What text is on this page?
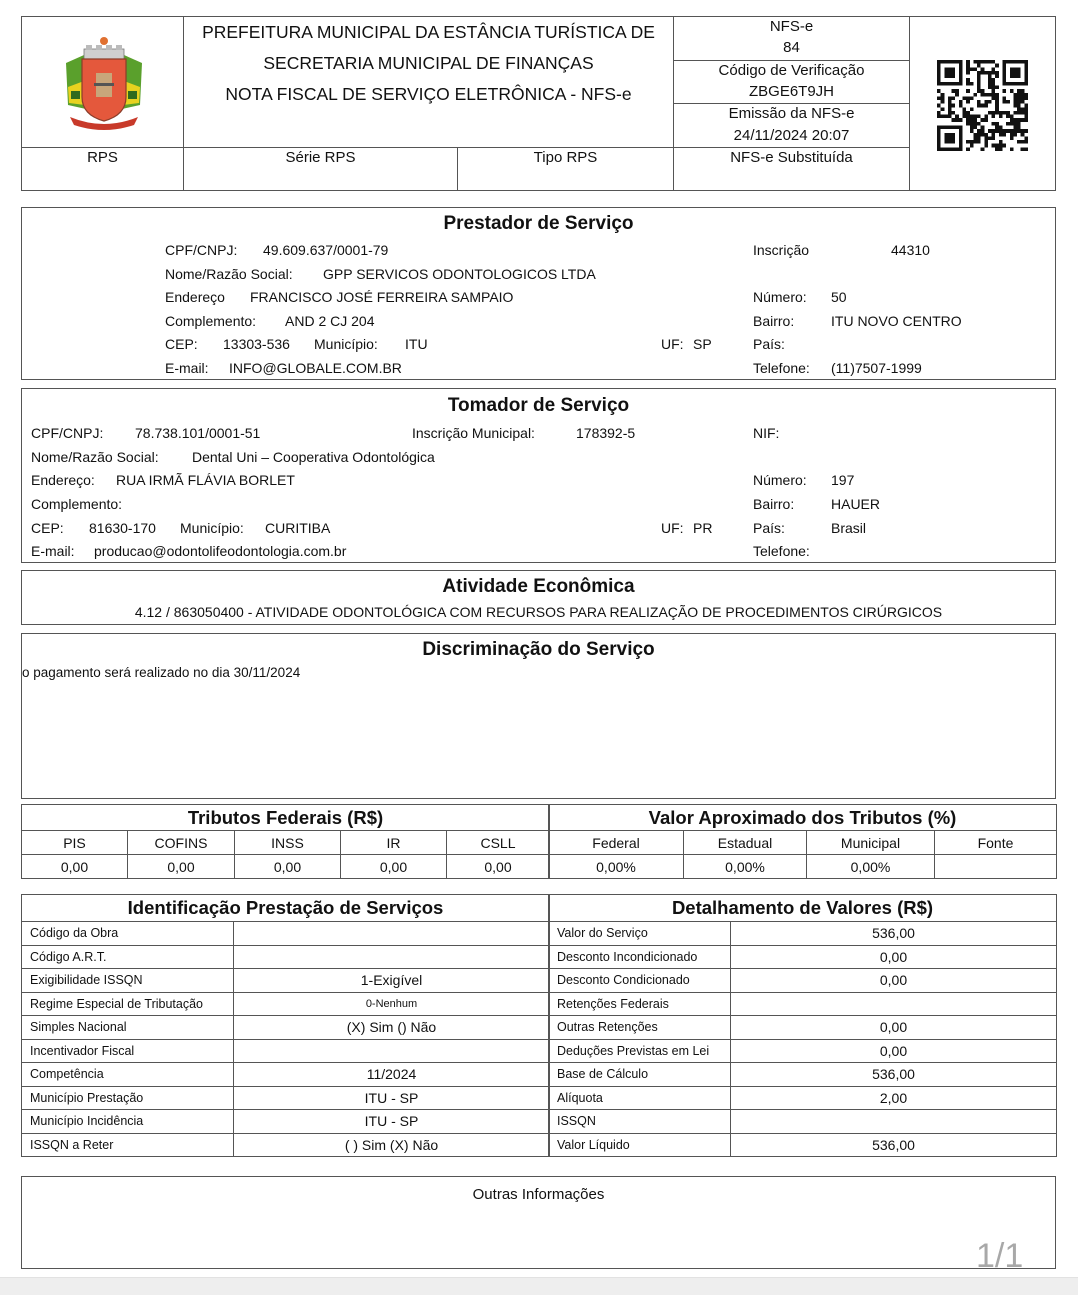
PREFEITURA MUNICIPAL DA ESTÂNCIA TURÍSTICA DE
SECRETARIA MUNICIPAL DE FINANÇAS
NOTA FISCAL DE SERVIÇO ELETRÔNICA - NFS-e
NFS-e
84
Código de Verificação
ZBGE6T9JH
Emissão da NFS-e
24/11/2024 20:07
RPS	Série RPS	Tipo RPS	NFS-e Substituída
Prestador de Serviço
CPF/CNPJ: 49.609.637/0001-79	Inscrição	44310
Nome/Razão Social: GPP SERVICOS ODONTOLOGICOS LTDA
Endereço FRANCISCO JOSÉ FERREIRA SAMPAIO	Número: 50
Complemento: AND 2 CJ 204	Bairro:	ITU NOVO CENTRO
CEP: 13303-536 Município: ITU	UF: SP	País:
E-mail: INFO@GLOBALE.COM.BR	Telefone: (11)7507-1999
Tomador de Serviço
CPF/CNPJ: 78.738.101/0001-51	Inscrição Municipal:	178392-5	NIF:
Nome/Razão Social: Dental Uni – Cooperativa Odontológica
Endereço: RUA IRMÃ FLÁVIA BORLET	Número: 197
Complemento:	Bairro:	HAUER
CEP: 81630-170 Município: CURITIBA	UF: PR	País:	Brasil
E-mail: producao@odontolifeodontologia.com.br	Telefone:
Atividade Econômica
4.12 / 863050400 - ATIVIDADE ODONTOLÓGICA COM RECURSOS PARA REALIZAÇÃO DE PROCEDIMENTOS CIRÚRGICOS
Discriminação do Serviço
o pagamento será realizado no dia 30/11/2024
Tributos Federais (R$)				
PIS	COFINS	INSS	IR	CSLL
0,00	0,00	0,00	0,00	0,00
Valor Aproximado dos Tributos (%)			
Federal	Estadual	Municipal	Fonte
0,00%	0,00%	0,00%	
Identificação Prestação de Serviços	
Código da Obra	
Código A.R.T.	
Exigibilidade ISSQN	1-Exigível
Regime Especial de Tributação	0-Nenhum
Simples Nacional	(X) Sim () Não
Incentivador Fiscal	
Competência	11/2024
Município Prestação	ITU - SP
Município Incidência	ITU - SP
ISSQN a Reter	( ) Sim (X) Não
Detalhamento de Valores (R$)	
Valor do Serviço	536,00
Desconto Incondicionado	0,00
Desconto Condicionado	0,00
Retenções Federais	
Outras Retenções	0,00
Deduções Previstas em Lei	0,00
Base de Cálculo	536,00
Alíquota	2,00
ISSQN	
Valor Líquido	536,00
Outras Informações
1/1
